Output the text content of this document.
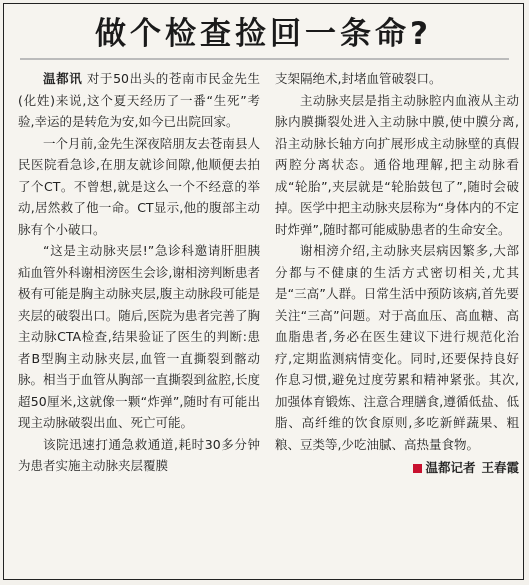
做个检查捡回一条命?

温都讯 对于50出头的苍南市民金先生(化姓)来说,这个夏天经历了一番“生死”考验,幸运的是转危为安,如今已出院回家。

一个月前,金先生深夜陪朋友去苍南县人民医院看急诊,在朋友就诊间隙,他顺便去拍了个CT。不曾想,就是这么一个不经意的举动,居然救了他一命。CT显示,他的腹部主动脉有个小破口。

“这是主动脉夹层!”急诊科邀请肝胆胰疝血管外科谢相滂医生会诊,谢相滂判断患者极有可能是胸主动脉夹层,腹主动脉段可能是夹层的破裂出口。随后,医院为患者完善了胸主动脉CTA检查,结果验证了医生的判断:患者B型胸主动脉夹层,血管一直撕裂到髂动脉。相当于血管从胸部一直撕裂到盆腔,长度超50厘米,这就像一颗“炸弹”,随时有可能出现主动脉破裂出血、死亡可能。

该院迅速打通急救通道,耗时30多分钟为患者实施主动脉夹层覆膜

支架隔绝术,封堵血管破裂口。

主动脉夹层是指主动脉腔内血液从主动脉内膜撕裂处进入主动脉中膜,使中膜分离,沿主动脉长轴方向扩展形成主动脉壁的真假两腔分离状态。通俗地理解,把主动脉看成“轮胎”,夹层就是“轮胎鼓包了”,随时会破掉。医学中把主动脉夹层称为“身体内的不定时炸弹”,随时都可能威胁患者的生命安全。

谢相滂介绍,主动脉夹层病因繁多,大部分都与不健康的生活方式密切相关,尤其是“三高”人群。日常生活中预防该病,首先要关注“三高”问题。对于高血压、高血糖、高血脂患者,务必在医生建议下进行规范化治疗,定期监测病情变化。同时,还要保持良好作息习惯,避免过度劳累和精神紧张。其次,加强体育锻炼、注意合理膳食,遵循低盐、低脂、高纤维的饮食原则,多吃新鲜蔬果、粗粮、豆类等,少吃油腻、高热量食物。

温都记者 王春霞
